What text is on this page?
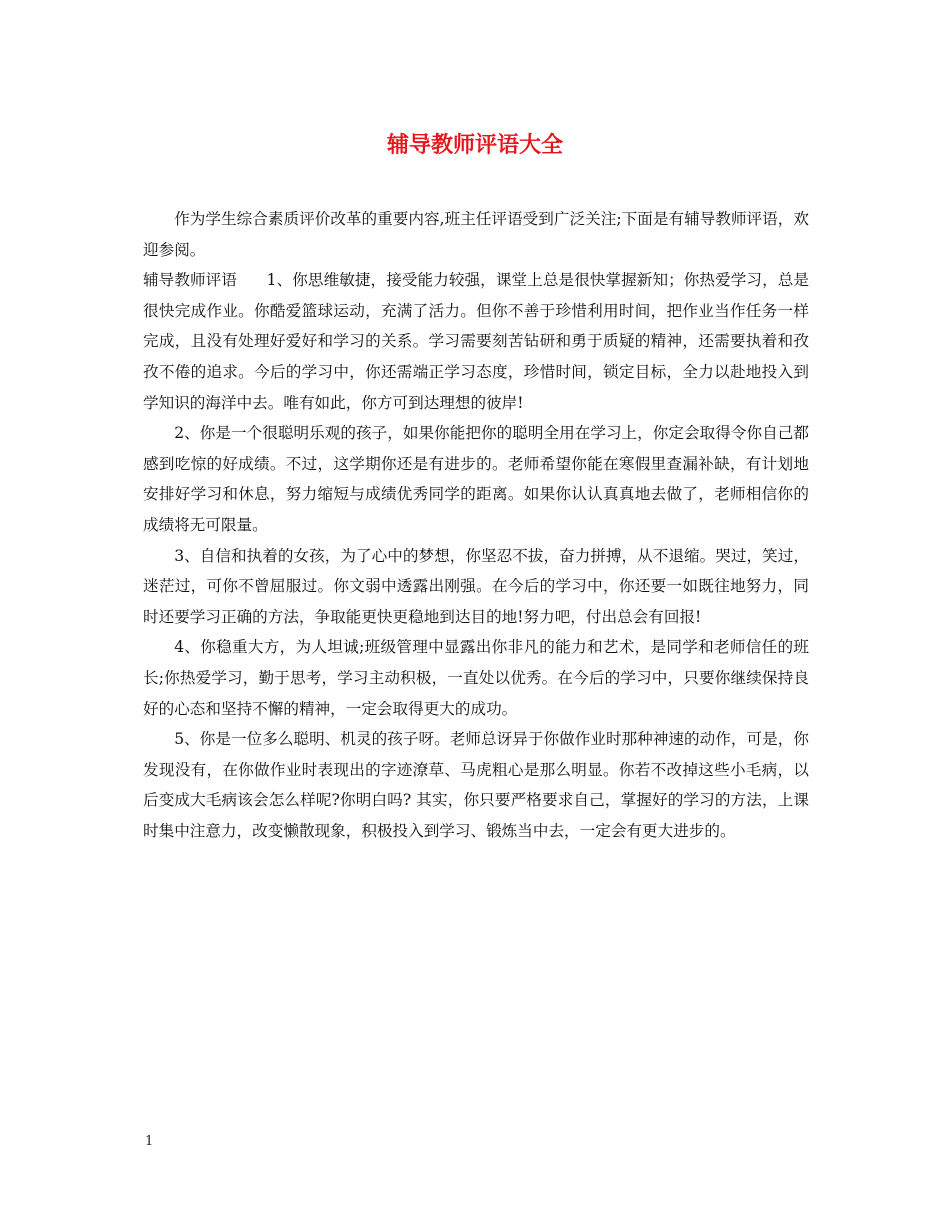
辅导教师评语大全

作为学生综合素质评价改革的重要内容,班主任评语受到广泛关注;下面是有辅导教师评语，欢迎参阅。

辅导教师评语 1、你思维敏捷，接受能力较强，课堂上总是很快掌握新知；你热爱学习，总是很快完成作业。你酷爱篮球运动，充满了活力。但你不善于珍惜利用时间，把作业当作任务一样完成，且没有处理好爱好和学习的关系。学习需要刻苦钻研和勇于质疑的精神，还需要执着和孜孜不倦的追求。今后的学习中，你还需端正学习态度，珍惜时间，锁定目标，全力以赴地投入到学知识的海洋中去。唯有如此，你方可到达理想的彼岸!

2、你是一个很聪明乐观的孩子，如果你能把你的聪明全用在学习上，你定会取得令你自己都感到吃惊的好成绩。不过，这学期你还是有进步的。老师希望你能在寒假里查漏补缺，有计划地安排好学习和休息，努力缩短与成绩优秀同学的距离。如果你认认真真地去做了，老师相信你的成绩将无可限量。

3、自信和执着的女孩，为了心中的梦想，你坚忍不拔，奋力拼搏，从不退缩。哭过，笑过，迷茫过，可你不曾屈服过。你文弱中透露出刚强。在今后的学习中，你还要一如既往地努力，同时还要学习正确的方法，争取能更快更稳地到达目的地!努力吧，付出总会有回报!

4、你稳重大方，为人坦诚;班级管理中显露出你非凡的能力和艺术，是同学和老师信任的班长;你热爱学习，勤于思考，学习主动积极，一直处以优秀。在今后的学习中，只要你继续保持良好的心态和坚持不懈的精神，一定会取得更大的成功。

5、你是一位多么聪明、机灵的孩子呀。老师总讶异于你做作业时那种神速的动作，可是，你发现没有，在你做作业时表现出的字迹潦草、马虎粗心是那么明显。你若不改掉这些小毛病，以后变成大毛病该会怎么样呢?你明白吗? 其实，你只要严格要求自己，掌握好的学习的方法，上课时集中注意力，改变懒散现象，积极投入到学习、锻炼当中去，一定会有更大进步的。

1
